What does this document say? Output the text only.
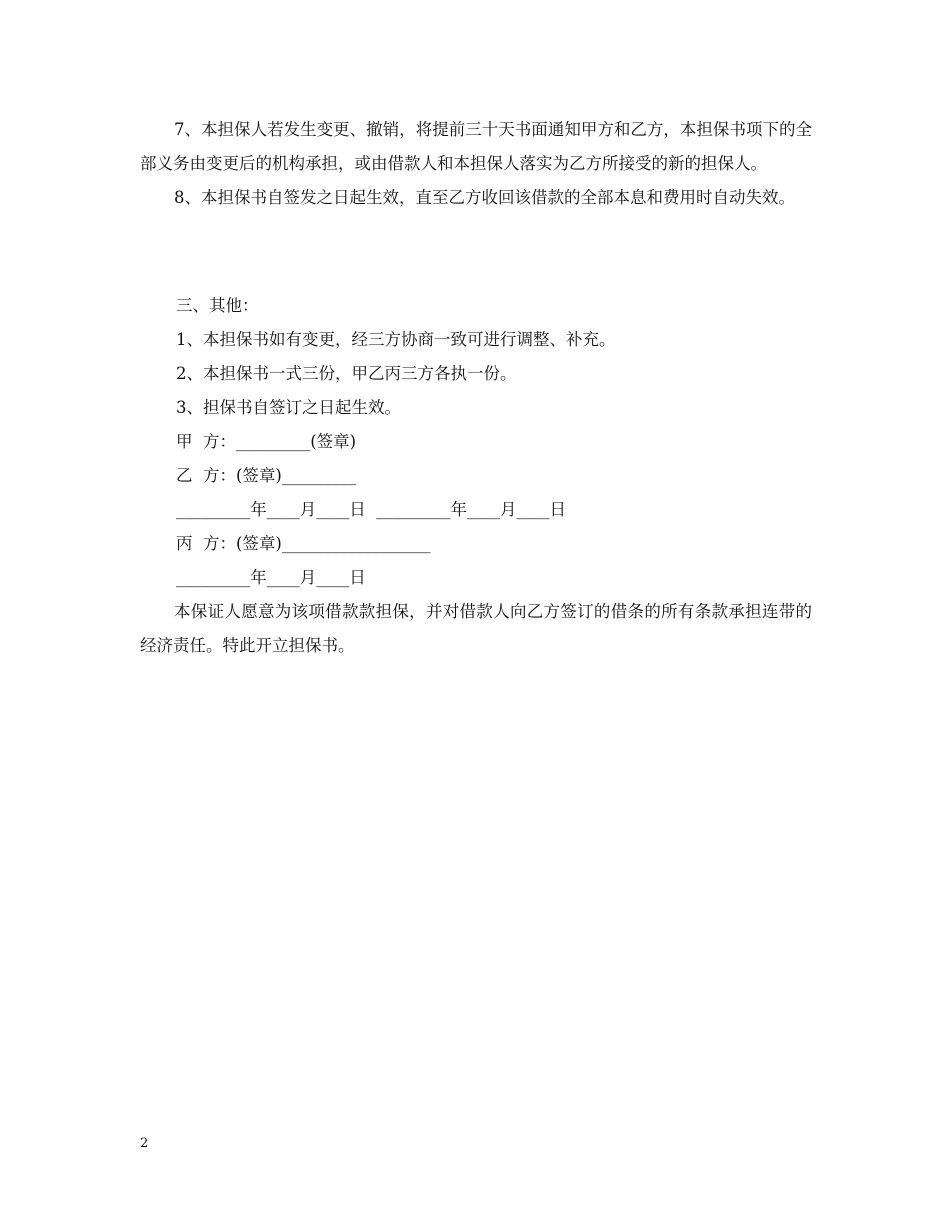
7、本担保人若发生变更、撤销，将提前三十天书面通知甲方和乙方，本担保书项下的全部义务由变更后的机构承担，或由借款人和本担保人落实为乙方所接受的新的担保人。

8、本担保书自签发之日起生效，直至乙方收回该借款的全部本息和费用时自动失效。

三、其他：
1、本担保书如有变更，经三方协商一致可进行调整、补充。
2、本担保书一式三份，甲乙丙三方各执一份。
3、担保书自签订之日起生效。
甲  方：_________(签章)
乙  方：(签章)_________
_________年____月____日  _________年____月____日
丙  方：(签章)__________________
_________年____月____日

本保证人愿意为该项借款款担保，并对借款人向乙方签订的借条的所有条款承担连带的经济责任。特此开立担保书。

2
